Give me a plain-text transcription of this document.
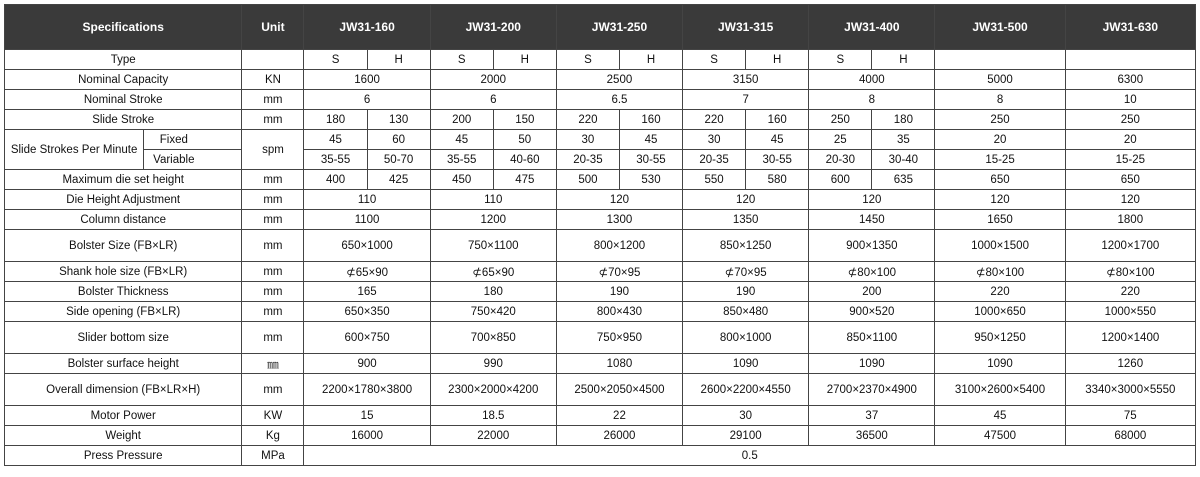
Specifications		Unit	JW31-160		JW31-200		JW31-250		JW31-315		JW31-400		JW31-500	JW31-630
Type			S	H	S	H	S	H	S	H	S	H		
Nominal Capacity		KN	1600		2000		2500		3150		4000		5000	6300
Nominal Stroke		mm	6		6		6.5		7		8		8	10
Slide Stroke		mm	180	130	200	150	220	160	220	160	250	180	250	250
Slide Strokes Per Minute	Fixed	spm	45	60	45	50	30	45	30	45	25	35	20	20
	Variable		35-55	50-70	35-55	40-60	20-35	30-55	20-35	30-55	20-30	30-40	15-25	15-25
Maximum die set height		mm	400	425	450	475	500	530	550	580	600	635	650	650
Die Height Adjustment		mm	110		110		120		120		120		120	120
Column distance		mm	1100		1200		1300		1350		1450		1650	1800
Bolster Size (FB×LR)		mm	650×1000		750×1100		800×1200		850×1250		900×1350		1000×1500	1200×1700
Shank hole size (FB×LR)		mm	⊄65×90		⊄65×90		⊄70×95		⊄70×95		⊄80×100		⊄80×100	⊄80×100
Bolster Thickness		mm	165		180		190		190		200		220	220
Side opening (FB×LR)		mm	650×350		750×420		800×430		850×480		900×520		1000×650	1000×550
Slider bottom size		mm	600×750		700×850		750×950		800×1000		850×1100		950×1250	1200×1400
Bolster surface height		㎜	900		990		1080		1090		1090		1090	1260
Overall dimension (FB×LR×H)		mm	2200×1780×3800		2300×2000×4200		2500×2050×4500		2600×2200×4550		2700×2370×4900		3100×2600×5400	3340×3000×5550
Motor Power		KW	15		18.5		22		30		37		45	75
Weight		Kg	16000		22000		26000		29100		36500		47500	68000
Press Pressure		MPa	0.5											
